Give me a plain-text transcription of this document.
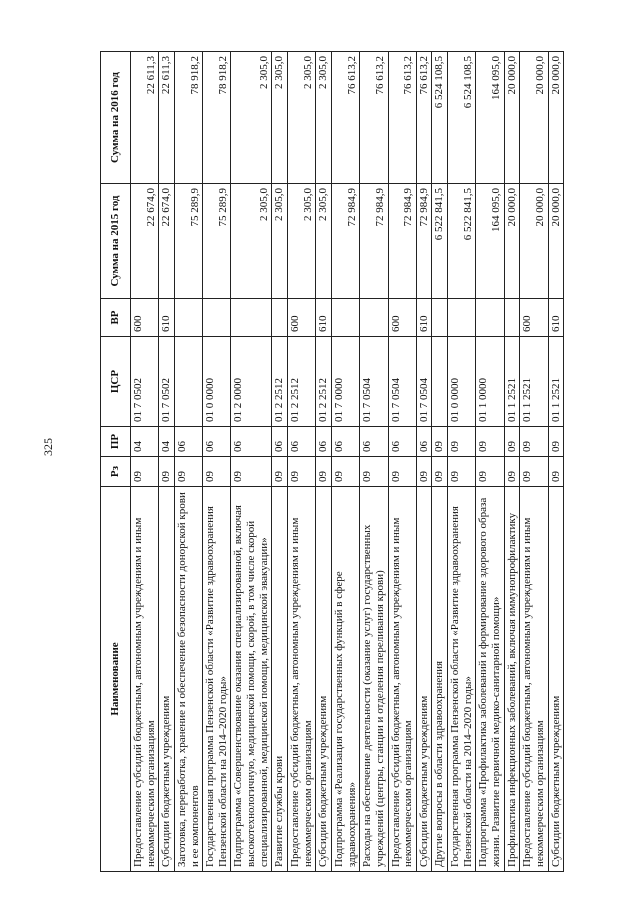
325
Наименование	Рз	ПР	ЦСР	ВР	Сумма на 2015 год	Сумма на 2016 год
Предоставление субсидий бюджетным, автономным учреждениям и иным некоммерческим организациям	09	04	01 7 0502	600	22 674,0	22 611,3
Субсидии бюджетным учреждениям	09	04	01 7 0502	610	22 674,0	22 611,3
Заготовка, переработка, хранение и обеспечение безопасности донорской крови и ее компонентов	09	06			75 289,9	78 918,2
Государственная программа Пензенской области «Развитие здравоохранения Пензенской области на 2014–2020 годы»	09	06	01 0 0000		75 289,9	78 918,2
Подпрограмма «Совершенствование оказания специализированной, включая высокотехнологичную, медицинской помощи, скорой, в том числе скорой специализированной, медицинской помощи, медицинской эвакуации»	09	06	01 2 0000		2 305,0	2 305,0
Развитие службы крови	09	06	01 2 2512		2 305,0	2 305,0
Предоставление субсидий бюджетным, автономным учреждениям и иным некоммерческим организациям	09	06	01 2 2512	600	2 305,0	2 305,0
Субсидии бюджетным учреждениям	09	06	01 2 2512	610	2 305,0	2 305,0
Подпрограмма «Реализация государственных функций в сфере здравоохранения»	09	06	01 7 0000		72 984,9	76 613,2
Расходы на обеспечение деятельности (оказание услуг) государственных учреждений (центры, станции и отделения переливания крови)	09	06	01 7 0504		72 984,9	76 613,2
Предоставление субсидий бюджетным, автономным учреждениям и иным некоммерческим организациям	09	06	01 7 0504	600	72 984,9	76 613,2
Субсидии бюджетным учреждениям	09	06	01 7 0504	610	72 984,9	76 613,2
Другие вопросы в области здравоохранения	09	09			6 522 841,5	6 524 108,5
Государственная программа Пензенской области «Развитие здравоохранения Пензенской области на 2014–2020 годы»	09	09	01 0 0000		6 522 841,5	6 524 108,5
Подпрограмма «Профилактика заболеваний и формирование здорового образа жизни. Развитие первичной медико-санитарной помощи»	09	09	01 1 0000		164 095,0	164 095,0
Профилактика инфекционных заболеваний, включая иммунопрофилактику	09	09	01 1 2521		20 000,0	20 000,0
Предоставление субсидий бюджетным, автономным учреждениям и иным некоммерческим организациям	09	09	01 1 2521	600	20 000,0	20 000,0
Субсидии бюджетным учреждениям	09	09	01 1 2521	610	20 000,0	20 000,0
